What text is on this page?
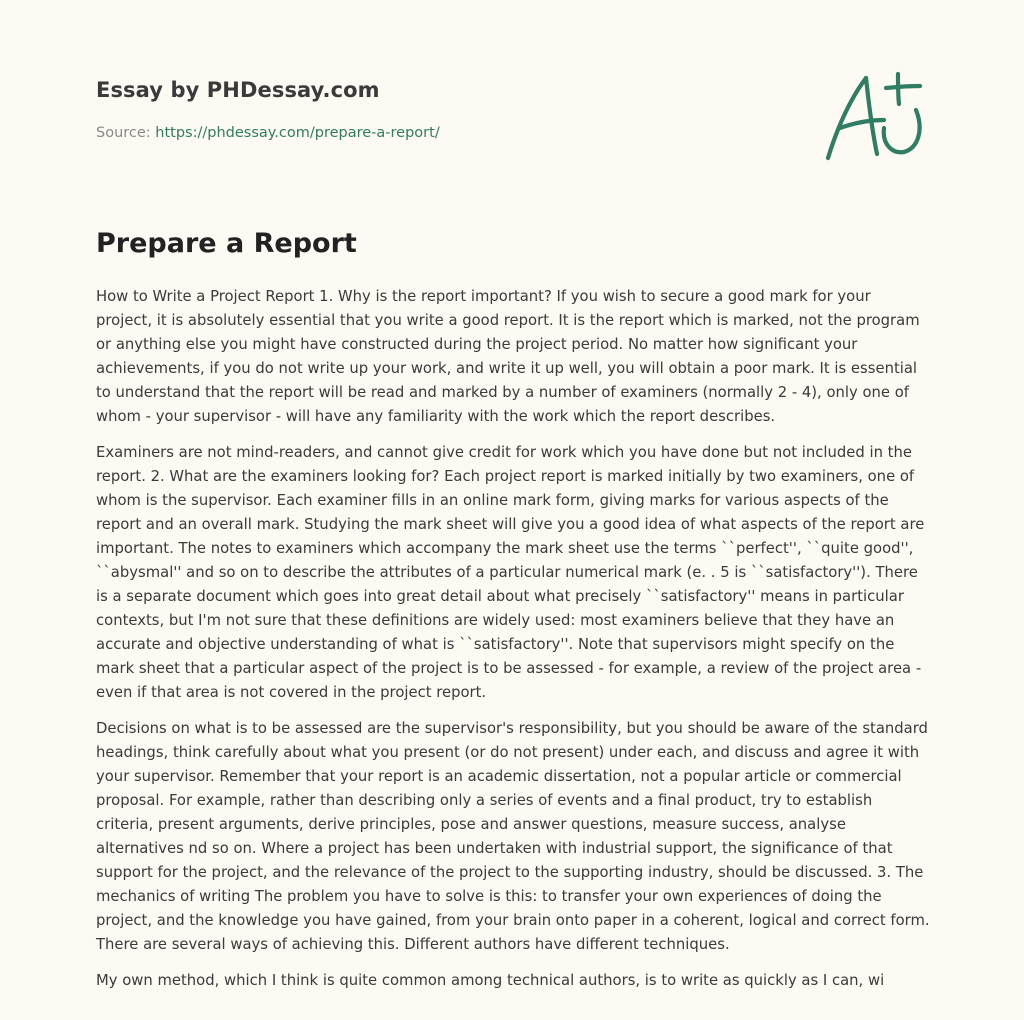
Essay by PHDessay.com
Source: https://phdessay.com/prepare-a-report/
Prepare a Report

How to Write a Project Report 1. Why is the report important? If you wish to secure a good mark for your project, it is absolutely essential that you write a good report. It is the report which is marked, not the program or anything else you might have constructed during the project period. No matter how significant your achievements, if you do not write up your work, and write it up well, you will obtain a poor mark. It is essential to understand that the report will be read and marked by a number of examiners (normally 2 - 4), only one of whom - your supervisor - will have any familiarity with the work which the report describes.

Examiners are not mind-readers, and cannot give credit for work which you have done but not included in the report. 2. What are the examiners looking for? Each project report is marked initially by two examiners, one of whom is the supervisor. Each examiner fills in an online mark form, giving marks for various aspects of the report and an overall mark. Studying the mark sheet will give you a good idea of what aspects of the report are important. The notes to examiners which accompany the mark sheet use the terms ``perfect'', ``quite good'', ``abysmal'' and so on to describe the attributes of a particular numerical mark (e. . 5 is ``satisfactory''). There is a separate document which goes into great detail about what precisely ``satisfactory'' means in particular contexts, but I'm not sure that these definitions are widely used: most examiners believe that they have an accurate and objective understanding of what is ``satisfactory''. Note that supervisors might specify on the mark sheet that a particular aspect of the project is to be assessed - for example, a review of the project area - even if that area is not covered in the project report.

Decisions on what is to be assessed are the supervisor's responsibility, but you should be aware of the standard headings, think carefully about what you present (or do not present) under each, and discuss and agree it with your supervisor. Remember that your report is an academic dissertation, not a popular article or commercial proposal. For example, rather than describing only a series of events and a final product, try to establish criteria, present arguments, derive principles, pose and answer questions, measure success, analyse alternatives nd so on. Where a project has been undertaken with industrial support, the significance of that support for the project, and the relevance of the project to the supporting industry, should be discussed. 3. The mechanics of writing The problem you have to solve is this: to transfer your own experiences of doing the project, and the knowledge you have gained, from your brain onto paper in a coherent, logical and correct form. There are several ways of achieving this. Different authors have different techniques.

My own method, which I think is quite common among technical authors, is to write as quickly as I can, wi
